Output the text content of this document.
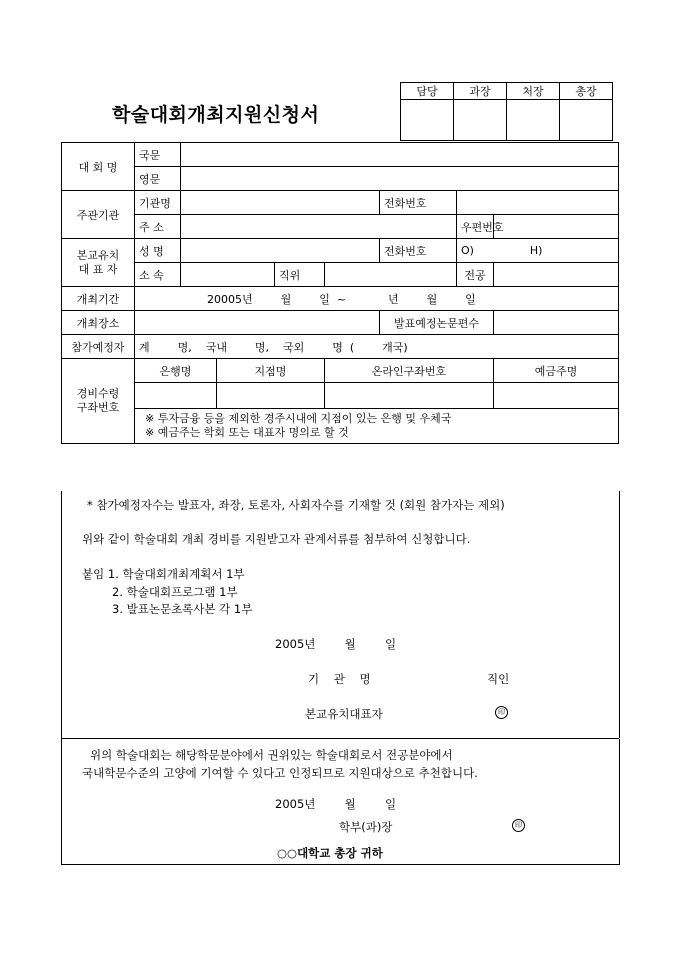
학술대회개최지원신청서
담당	과장	처장	총장

대 회 명	국문							
	영문							
주관기관	기관명					전화번호		
	주 소						우편번호	

본교유치
대 표 자	성 명					전화번호	O)                H)	
	소 속			직위			전공	
개최기간	20005년        월        일  ~            년        월        일							
개최장소						발표예정논문편수		
참가예정자	계        명,    국내        명,    국외        명  (        개국)							

경비수령
구좌번호	은행명		지점명		온라인구좌번호			예금주명

	※ 투자금융 등을 제외한 경주시내에 지점이 있는 은행 및 우체국
※ 예금주는 학회 또는 대표자 명의로 할 것							
* 참가예정자수는 발표자, 좌장, 토론자, 사회자수를 기재할 것 (회원 참가자는 제외)
위와 같이 학술대회 개최 경비를 지원받고자 관계서류를 첨부하여 신청합니다.
붙임 1. 학술대회개최계획서 1부
2. 학술대회프로그램 1부
3. 발표논문초록사본 각 1부
2005년        월        일
기    관    명	직인
본교유치대표자	印
위의 학술대회는 해당학문분야에서 권위있는 학술대회로서 전공분야에서
국내학문수준의 고양에 기여할 수 있다고 인정되므로 지원대상으로 추천합니다.
2005년        월        일
학부(과)장	印
○○대학교 총장 귀하
